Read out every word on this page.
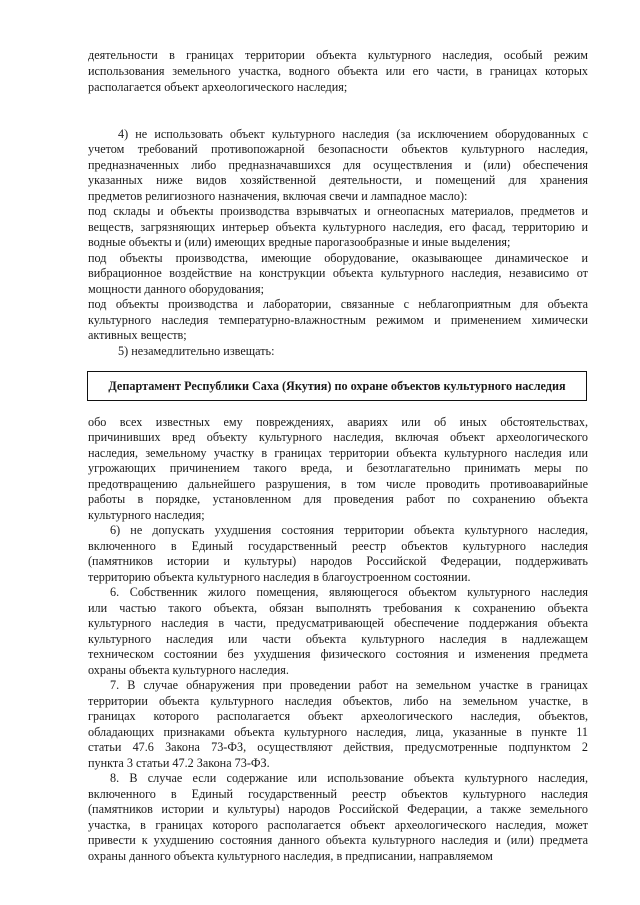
деятельности в границах территории объекта культурного наследия, особый режим
использования земельного участка, водного объекта или его части, в границах которых
располагается объект археологического наследия;
4) не использовать объект культурного наследия (за исключением оборудованных с
учетом требований противопожарной безопасности объектов культурного наследия,
предназначенных либо предназначавшихся для осуществления и (или) обеспечения
указанных ниже видов хозяйственной деятельности, и помещений для хранения
предметов религиозного назначения, включая свечи и лампадное масло):
под склады и объекты производства взрывчатых и огнеопасных материалов, предметов и
веществ, загрязняющих интерьер объекта культурного наследия, его фасад, территорию и
водные объекты и (или) имеющих вредные парогазообразные и иные выделения;
под объекты производства, имеющие оборудование, оказывающее динамическое и
вибрационное воздействие на конструкции объекта культурного наследия, независимо от
мощности данного оборудования;
под объекты производства и лаборатории, связанные с неблагоприятным для объекта
культурного наследия температурно-влажностным режимом и применением химически
активных веществ;
5) незамедлительно извещать:
Департамент Республики Саха (Якутия) по охране объектов культурного наследия
обо всех известных ему повреждениях, авариях или об иных обстоятельствах,
причинивших вред объекту культурного наследия, включая объект археологического
наследия, земельному участку в границах территории объекта культурного наследия или
угрожающих причинением такого вреда, и безотлагательно принимать меры по
предотвращению дальнейшего разрушения, в том числе проводить противоаварийные
работы в порядке, установленном для проведения работ по сохранению объекта
культурного наследия;
6) не допускать ухудшения состояния территории объекта культурного наследия,
включенного в Единый государственный реестр объектов культурного наследия
(памятников истории и культуры) народов Российской Федерации, поддерживать
территорию объекта культурного наследия в благоустроенном состоянии.
6. Собственник жилого помещения, являющегося объектом культурного наследия
или частью такого объекта, обязан выполнять требования к сохранению объекта
культурного наследия в части, предусматривающей обеспечение поддержания объекта
культурного наследия или части объекта культурного наследия в надлежащем
техническом состоянии без ухудшения физического состояния и изменения предмета
охраны объекта культурного наследия.
7. В случае обнаружения при проведении работ на земельном участке в границах
территории объекта культурного наследия объектов, либо на земельном участке, в
границах которого располагается объект археологического наследия, объектов,
обладающих признаками объекта культурного наследия, лица, указанные в пункте 11
статьи 47.6 Закона 73-ФЗ, осуществляют действия, предусмотренные подпунктом 2
пункта 3 статьи 47.2 Закона 73-ФЗ.
8. В случае если содержание или использование объекта культурного наследия,
включенного в Единый государственный реестр объектов культурного наследия
(памятников истории и культуры) народов Российской Федерации, а также земельного
участка, в границах которого располагается объект археологического наследия, может
привести к ухудшению состояния данного объекта культурного наследия и (или) предмета
охраны данного объекта культурного наследия, в предписании, направляемом
